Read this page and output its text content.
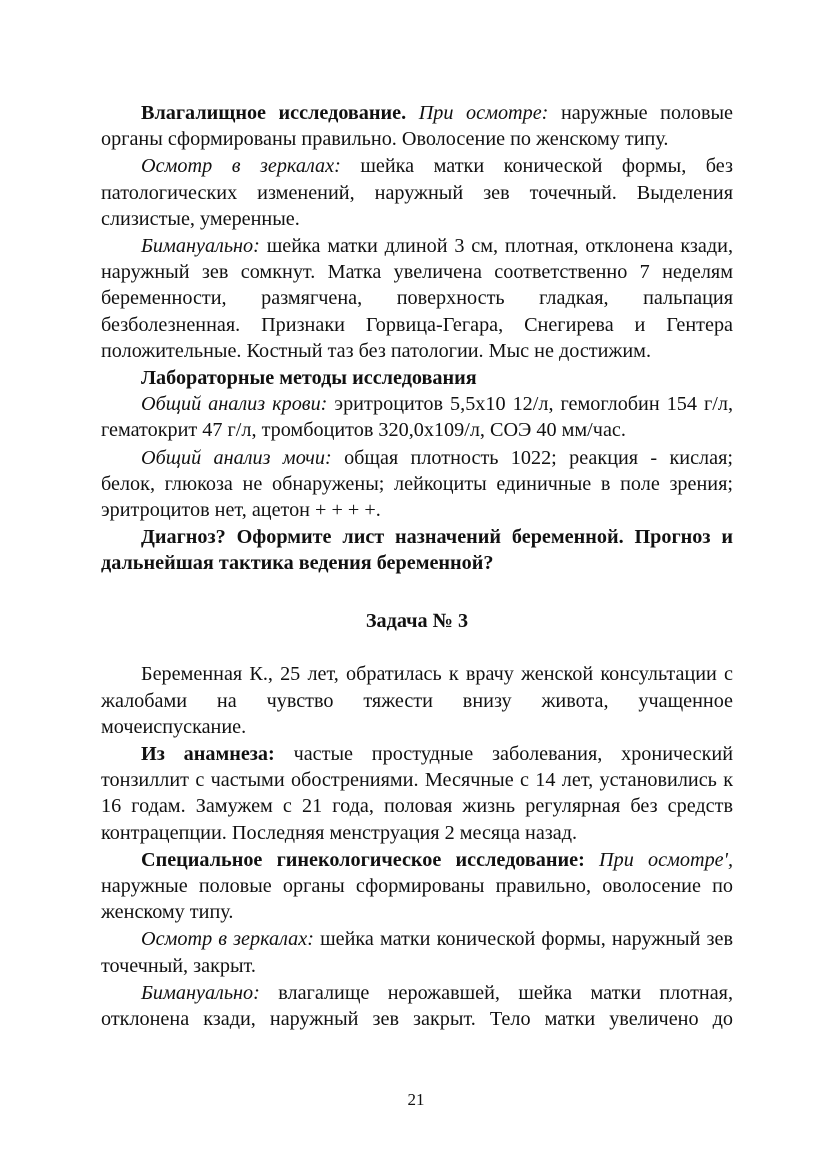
Влагалищное исследование. При осмотре: наружные половые органы сформированы правильно. Оволосение по женскому типу.

Осмотр в зеркалах: шейка матки конической формы, без патологических изменений, наружный зев точечный. Выделения слизистые, умеренные.

Бимануально: шейка матки длиной 3 см, плотная, отклонена кзади, наружный зев сомкнут. Матка увеличена соответственно 7 неделям беременности, размягчена, поверхность гладкая, пальпация безболезненная. Признаки Горвица-Гегара, Снегирева и Гентера положительные. Костный таз без патологии. Мыс не достижим.

Лабораторные методы исследования

Общий анализ крови: эритроцитов 5,5х10 12/л, гемоглобин 154 г/л, гематокрит 47 г/л, тромбоцитов 320,0х109/л, СОЭ 40 мм/час.

Общий анализ мочи: общая плотность 1022; реакция - кислая; белок, глюкоза не обнаружены; лейкоциты единичные в поле зрения; эритроцитов нет, ацетон + + + +.

Диагноз? Оформите лист назначений беременной. Прогноз и дальнейшая тактика ведения беременной?

Задача № 3

Беременная К., 25 лет, обратилась к врачу женской консультации с жалобами на чувство тяжести внизу живота, учащенное мочеиспускание.

Из анамнеза: частые простудные заболевания, хронический тонзиллит с частыми обострениями. Месячные с 14 лет, установились к 16 годам. Замужем с 21 года, половая жизнь регулярная без средств контрацепции. Последняя менструация 2 месяца назад.

Специальное гинекологическое исследование: При осмотре', наружные половые органы сформированы правильно, оволосение по женскому типу.

Осмотр в зеркалах: шейка матки конической формы, наружный зев точечный, закрыт.

Бимануально: влагалище нерожавшей, шейка матки плотная, отклонена кзади, наружный зев закрыт. Тело матки увеличено до

21
